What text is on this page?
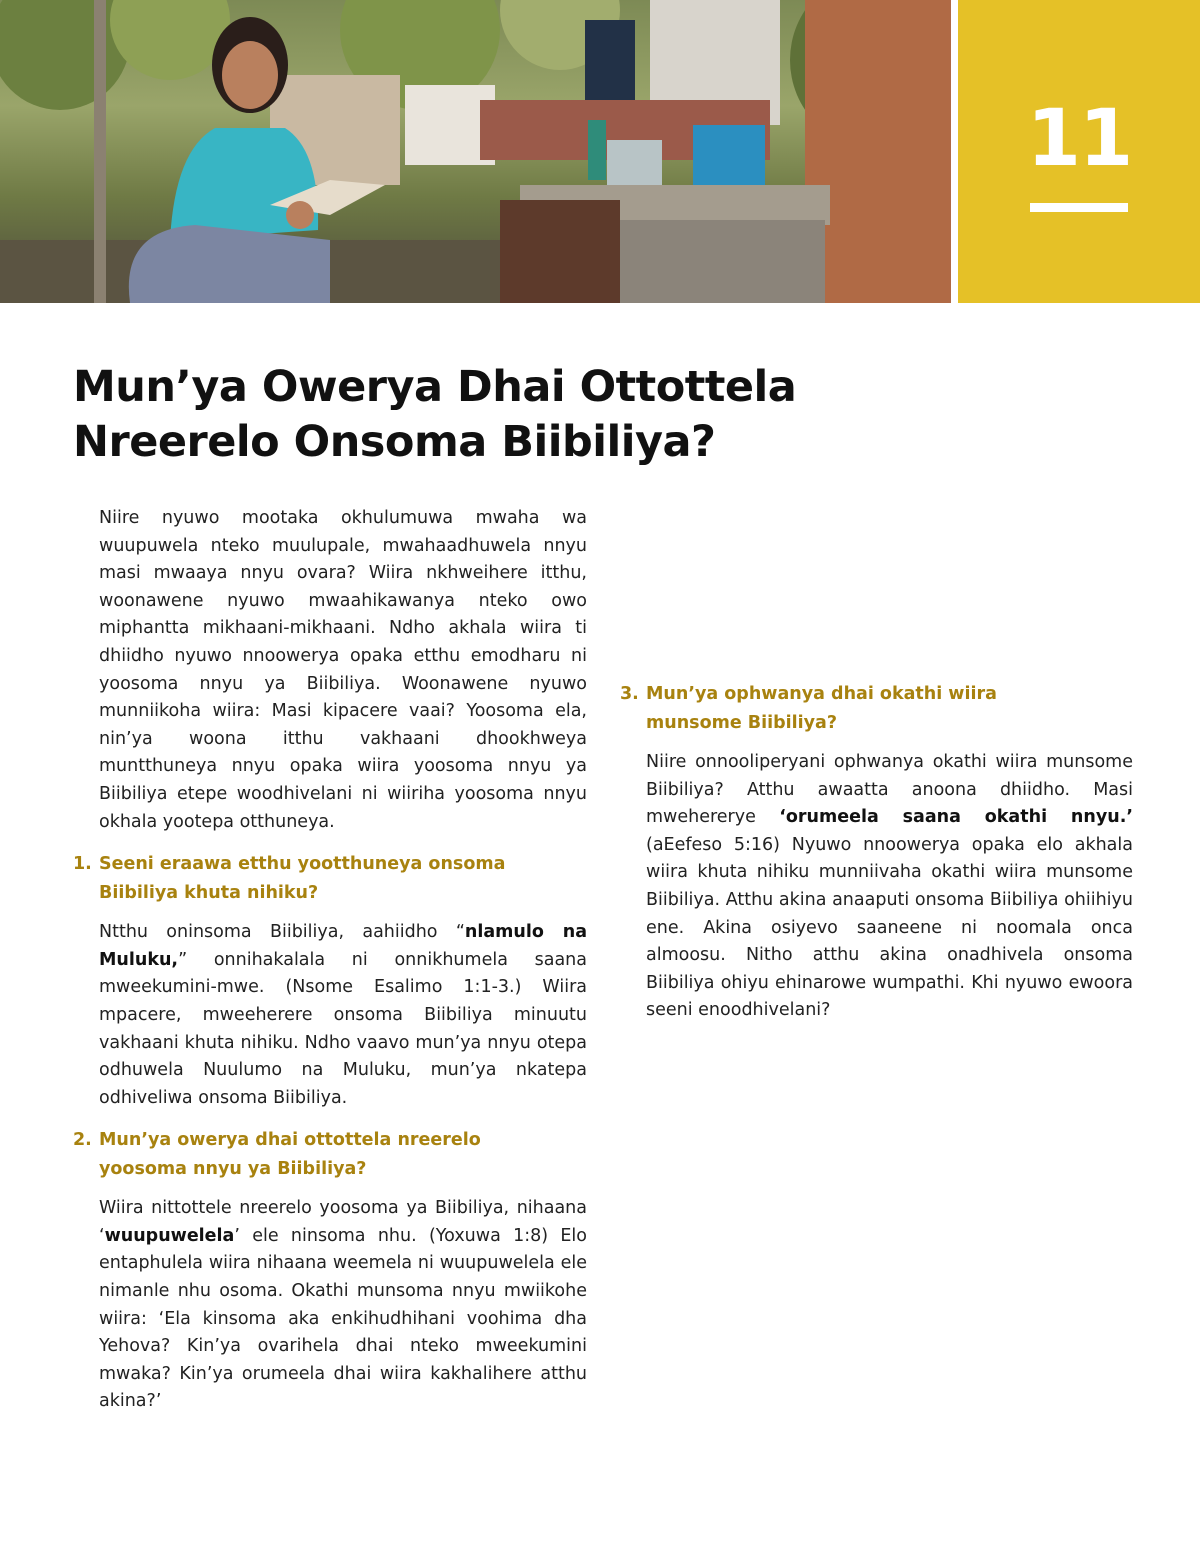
11
Mun’ya Owerya Dhai Ottottela
Nreerelo Onsoma Biibiliya?

Niire nyuwo mootaka okhulumuwa mwaha wa wuupuwela nteko muulupale, mwahaadhuwela nnyu masi mwaaya nnyu ovara? Wiira nkhweihere itthu, woonawene nyuwo mwaahikawanya nteko owo miphantta mikhaani-mikhaani. Ndho akhala wiira ti dhiidho nyuwo nnoowerya opaka etthu emodharu ni yoosoma nnyu ya Biibiliya. Woonawene nyuwo munniikoha wiira: Masi kipacere vaai? Yoosoma ela, nin’ya woona itthu vakhaani dhookhweya muntthuneya nnyu opaka wiira yoosoma nnyu ya Biibiliya etepe woodhivelani ni wiiriha yoosoma nnyu okhala yootepa otthuneya.

1. Seeni eraawa etthu yootthuneya onsoma
Biibiliya khuta nihiku?

Ntthu oninsoma Biibiliya, aahiidho “nlamulo na Muluku,” onnihakalala ni onnikhumela saana mweekumini-mwe. (Nsome Esalimo 1:1-3.) Wiira mpacere, mweeherere onsoma Biibiliya minuutu vakhaani khuta nihiku. Ndho vaavo mun’ya nnyu otepa odhuwela Nuulumo na Muluku, mun’ya nkatepa odhiveliwa onsoma Biibiliya.

2. Mun’ya owerya dhai ottottela nreerelo
yoosoma nnyu ya Biibiliya?

Wiira nittottele nreerelo yoosoma ya Biibiliya, nihaana ‘wuupuwelela’ ele ninsoma nhu. (Yoxuwa 1:8) Elo entaphulela wiira nihaana weemela ni wuupuwelela ele nimanle nhu osoma. Okathi munsoma nnyu mwiikohe wiira: ‘Ela kinsoma aka enkihudhihani voohima dha Yehova? Kin’ya ovarihela dhai nteko mweekumini mwaka? Kin’ya orumeela dhai wiira kakhalihere atthu akina?’

3. Mun’ya ophwanya dhai okathi wiira
munsome Biibiliya?

Niire onnooliperyani ophwanya okathi wiira munsome Biibiliya? Atthu awaatta anoona dhiidho. Masi mwehererye ‘orumeela saana okathi nnyu.’ (aEefeso 5:16) Nyuwo nnoowerya opaka elo akhala wiira khuta nihiku munniivaha okathi wiira munsome Biibiliya. Atthu akina anaaputi onsoma Biibiliya ohiihiyu ene. Akina osiyevo saaneene ni noomala onca almoosu. Nitho atthu akina onadhivela onsoma Biibiliya ohiyu ehinarowe wumpathi. Khi nyuwo ewoora seeni enoodhivelani?
